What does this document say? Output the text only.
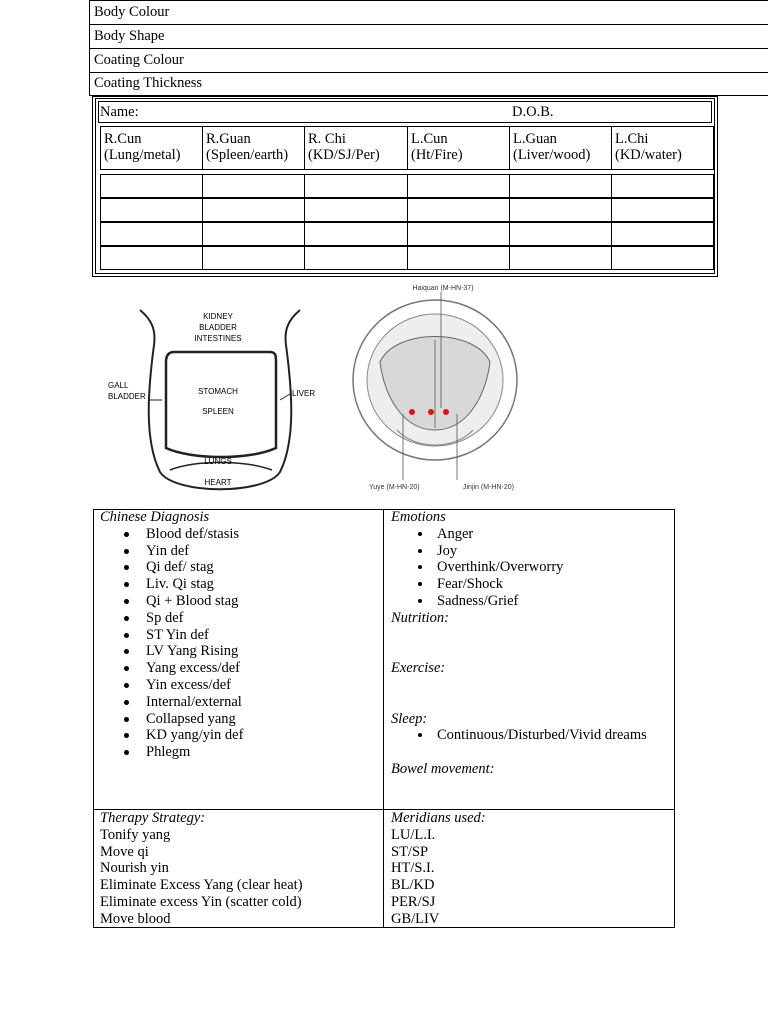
Body Colour
Body Shape
Coating Colour
Coating Thickness
Name:	D.O.B.
R.Cun
(Lung/metal)
R.Guan
(Spleen/earth)
R. Chi
(KD/SJ/Per)
L.Cun
(Ht/Fire)
L.Guan
(Liver/wood)
L.Chi
(KD/water)
KIDNEY
BLADDER
INTESTINES
GALL
BLADDER
STOMACH
SPLEEN
LIVER
LUNGS
HEART
Haiquan (M-HN-37)
Yuye (M-HN-20)	Jinjin (M-HN-20)
Chinese Diagnosis
Blood def/stasis
Yin def
Qi def/ stag
Liv. Qi stag
Qi + Blood stag
Sp def
ST Yin def
LV Yang Rising
Yang excess/def
Yin excess/def
Internal/external
Collapsed yang
KD yang/yin def
Phlegm
Emotions
Anger
Joy
Overthink/Overworry
Fear/Shock
Sadness/Grief
Nutrition:
Exercise:
Sleep:
Continuous/Disturbed/Vivid dreams
Bowel movement:
Therapy Strategy:
Tonify yang
Move qi
Nourish yin
Eliminate Excess Yang (clear heat)
Eliminate excess Yin (scatter cold)
Move blood
Meridians used:
LU/L.I.
ST/SP
HT/S.I.
BL/KD
PER/SJ
GB/LIV
